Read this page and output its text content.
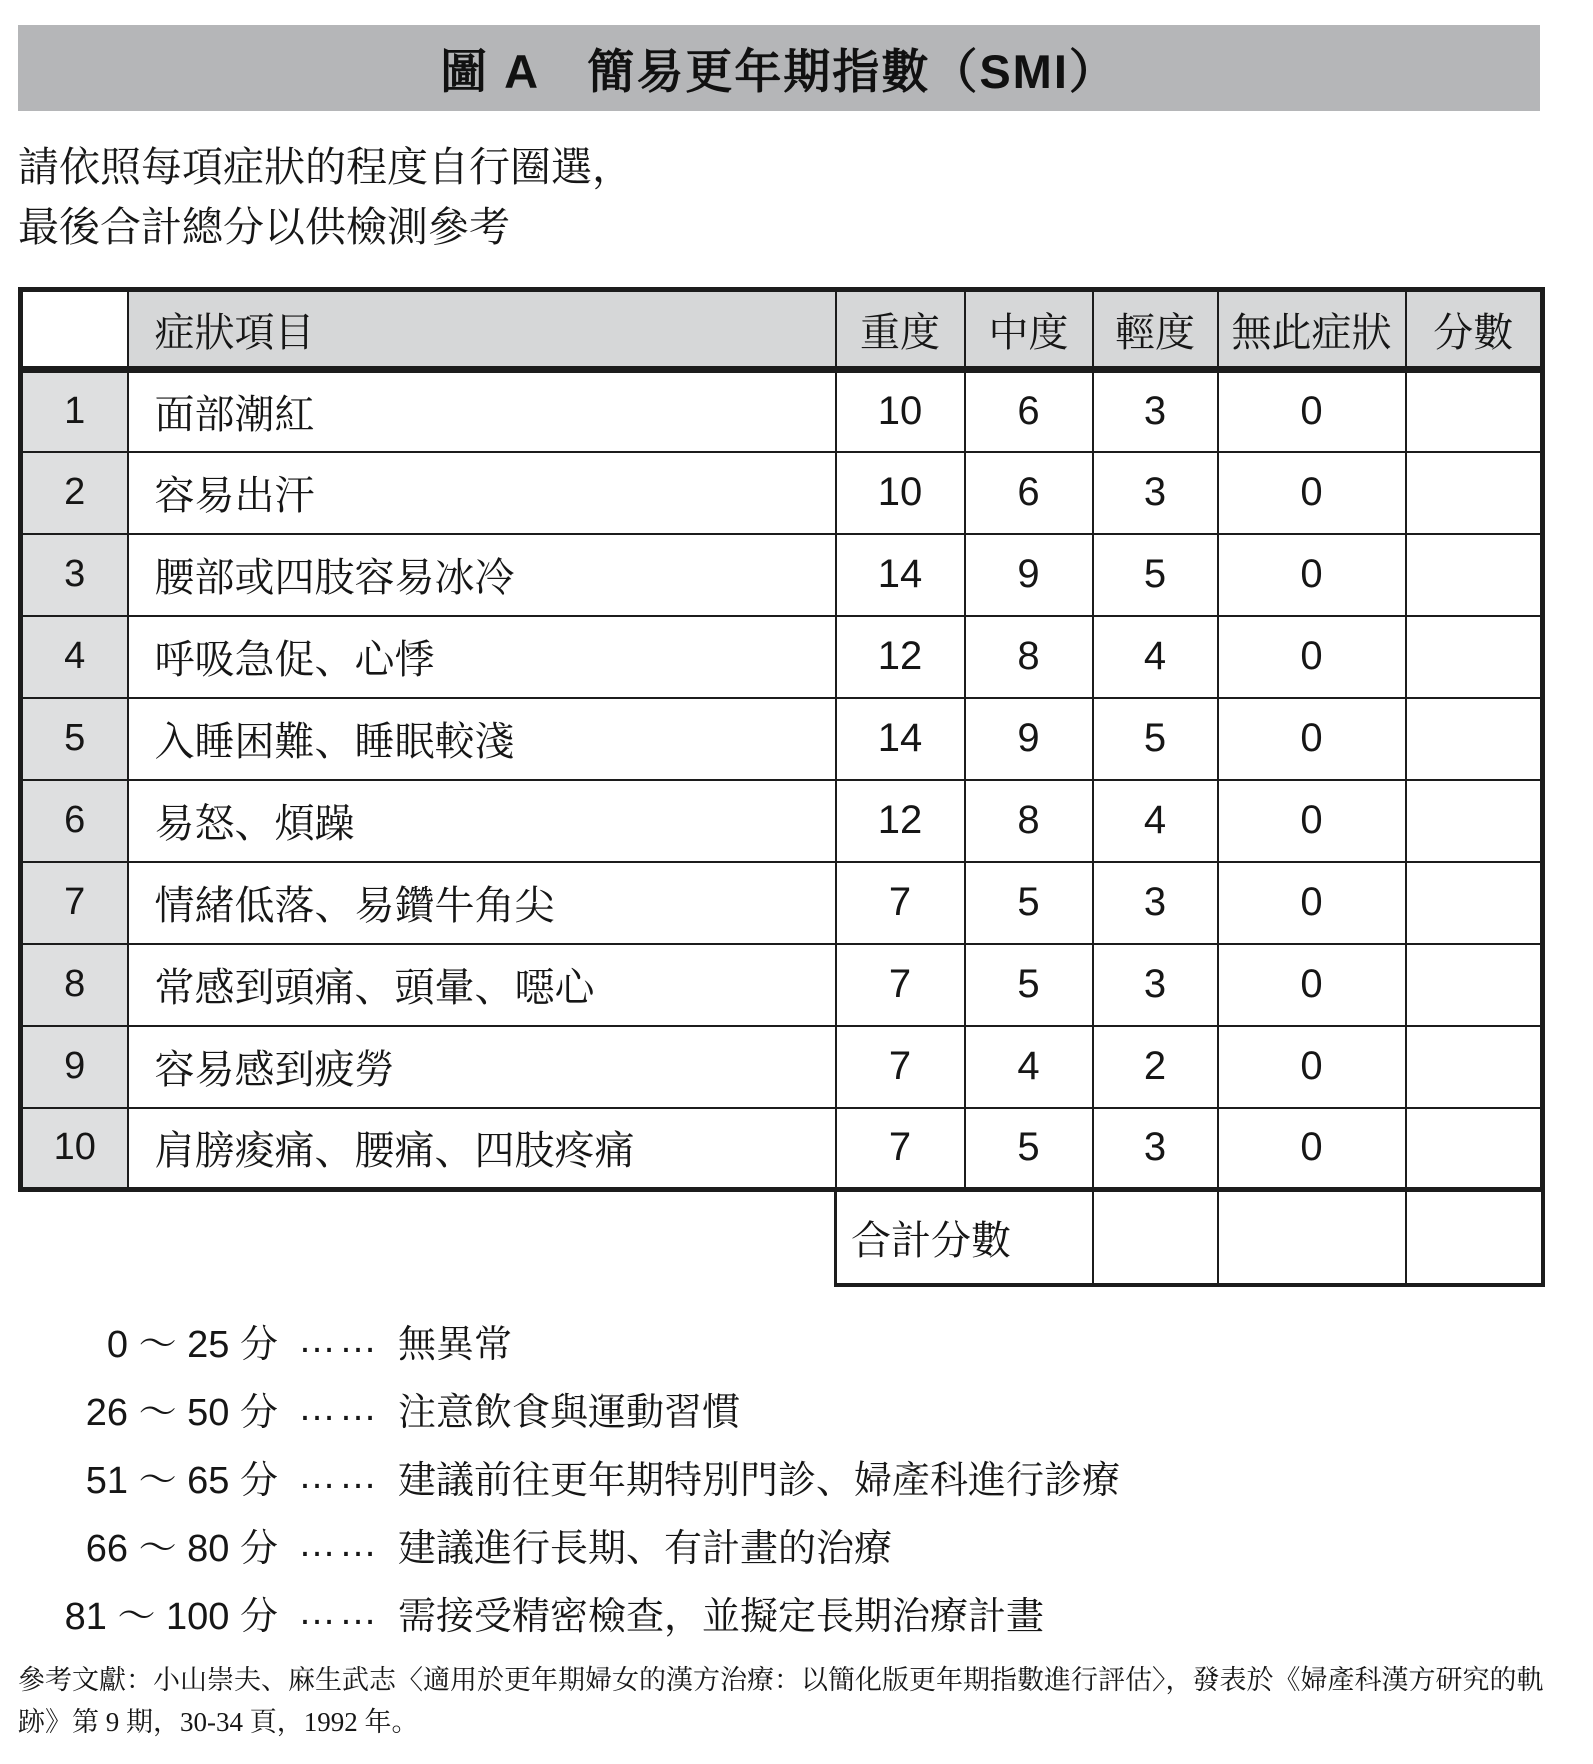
圖 A　簡易更年期指數（SMI）
請依照每項症狀的程度自行圈選，
最後合計總分以供檢測參考
	症狀項目	重度	中度	輕度	無此症狀	分數
1	面部潮紅	10	6	3	0	
2	容易出汗	10	6	3	0	
3	腰部或四肢容易冰冷	14	9	5	0	
4	呼吸急促、心悸	12	8	4	0	
5	入睡困難、睡眠較淺	14	9	5	0	
6	易怒、煩躁	12	8	4	0	
7	情緒低落、易鑽牛角尖	7	5	3	0	
8	常感到頭痛、頭暈、噁心	7	5	3	0	
9	容易感到疲勞	7	4	2	0	
10	肩膀痠痛、腰痛、四肢疼痛	7	5	3	0	
		合計分數				
0 ～ 25 分 …… 無異常
26 ～ 50 分 …… 注意飲食與運動習慣
51 ～ 65 分 …… 建議前往更年期特別門診、婦產科進行診療
66 ～ 80 分 …… 建議進行長期、有計畫的治療
81 ～ 100 分 …… 需接受精密檢查，並擬定長期治療計畫
參考文獻：小山崇夫、麻生武志〈適用於更年期婦女的漢方治療：以簡化版更年期指數進行評估〉，發表於《婦產科漢方研究的軌跡》第 9 期，30-34 頁，1992 年。
